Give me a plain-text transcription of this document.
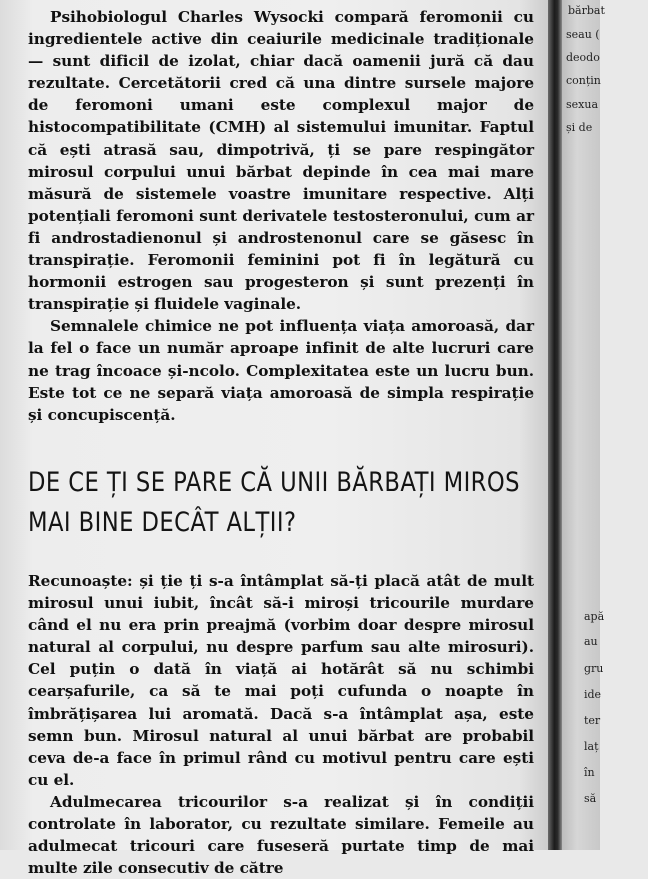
bărbat
seau (
deodo
conțin
sexua
și de
apă
au
gru
ide
ter
laț
în
să

Psihobiologul Charles Wysocki compară feromonii cu ingredientele active din ceaiurile medicinale tradiționale — sunt dificil de izolat, chiar dacă oamenii jură că dau rezultate. Cercetătorii cred că una dintre sursele majore de feromoni umani este complexul major de histocompatibilitate (CMH) al sistemului imunitar. Faptul că ești atrasă sau, dimpotrivă, ți se pare respingător mirosul corpului unui bărbat depinde în cea mai mare măsură de sistemele voastre imunitare respective. Alți potențiali feromoni sunt derivatele testosteronului, cum ar fi androstadienonul și androstenonul care se găsesc în transpirație. Feromonii feminini pot fi în legătură cu hormonii estrogen sau progesteron și sunt prezenți în transpirație și fluidele vaginale.

Semnalele chimice ne pot influența viața amoroasă, dar la fel o face un număr aproape infinit de alte lucruri care ne trag încoace și-ncolo. Complexitatea este un lucru bun. Este tot ce ne separă viața amoroasă de simpla respirație și concupiscență.

DE CE ȚI SE PARE CĂ UNII BĂRBAȚI MIROS
MAI BINE DECÂT ALȚII?

Recunoaște: și ție ți s-a întâmplat să-ți placă atât de mult mirosul unui iubit, încât să-i miroși tricourile murdare când el nu era prin preajmă (vorbim doar despre mirosul natural al corpului, nu despre parfum sau alte mirosuri). Cel puțin o dată în viață ai hotărât să nu schimbi cearșafurile, ca să te mai poți cufunda o noapte în îmbrățișarea lui aromată. Dacă s-a întâmplat așa, este semn bun. Mirosul natural al unui bărbat are probabil ceva de-a face în primul rând cu motivul pentru care ești cu el.

Adulmecarea tricourilor s-a realizat și în condiții controlate în laborator, cu rezultate similare. Femeile au adulmecat tricouri care fuseseră purtate timp de mai multe zile consecutiv de către
